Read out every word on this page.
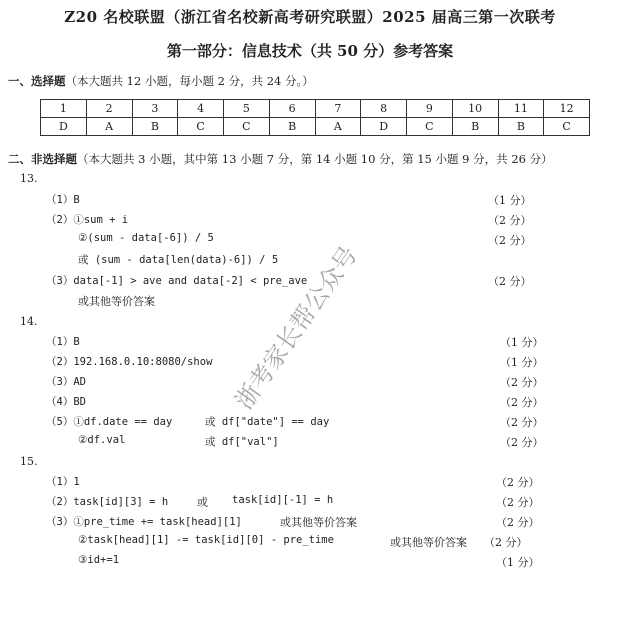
Z20 名校联盟（浙江省名校新高考研究联盟）2025 届高三第一次联考
第一部分：信息技术（共 50 分）参考答案
一、选择题（本大题共 12 小题，每小题 2 分，共 24 分。）
1	2	3	4	5	6	7	8	9	10	11	12
D	A	B	C	C	B	A	D	C	B	B	C
二、非选择题（本大题共 3 小题，其中第 13 小题 7 分，第 14 小题 10 分，第 15 小题 9 分，共 26 分）
13.
（1）B	（1 分）
（2）①sum + i	（2 分）
②(sum - data[-6]) / 5	（2 分）
或 (sum - data[len(data)-6]) / 5
（3）data[-1] > ave and data[-2] < pre_ave	（2 分）
或其他等价答案
14.
（1）B	（1 分）
（2）192.168.0.10:8080/show	（1 分）
（3）AD	（2 分）
（4）BD	（2 分）
（5）①df.date == day	或 df["date"] == day	（2 分）
②df.val	或 df["val"]	（2 分）
15.
（1）1	（2 分）
（2）task[id][3] = h	或 task[id][-1] = h	（2 分）
（3）①pre_time += task[head][1]	或其他等价答案	（2 分）
②task[head][1] -= task[id][0] - pre_time	或其他等价答案 （2 分）
③id+=1	（1 分）
浙考家长帮公众号
